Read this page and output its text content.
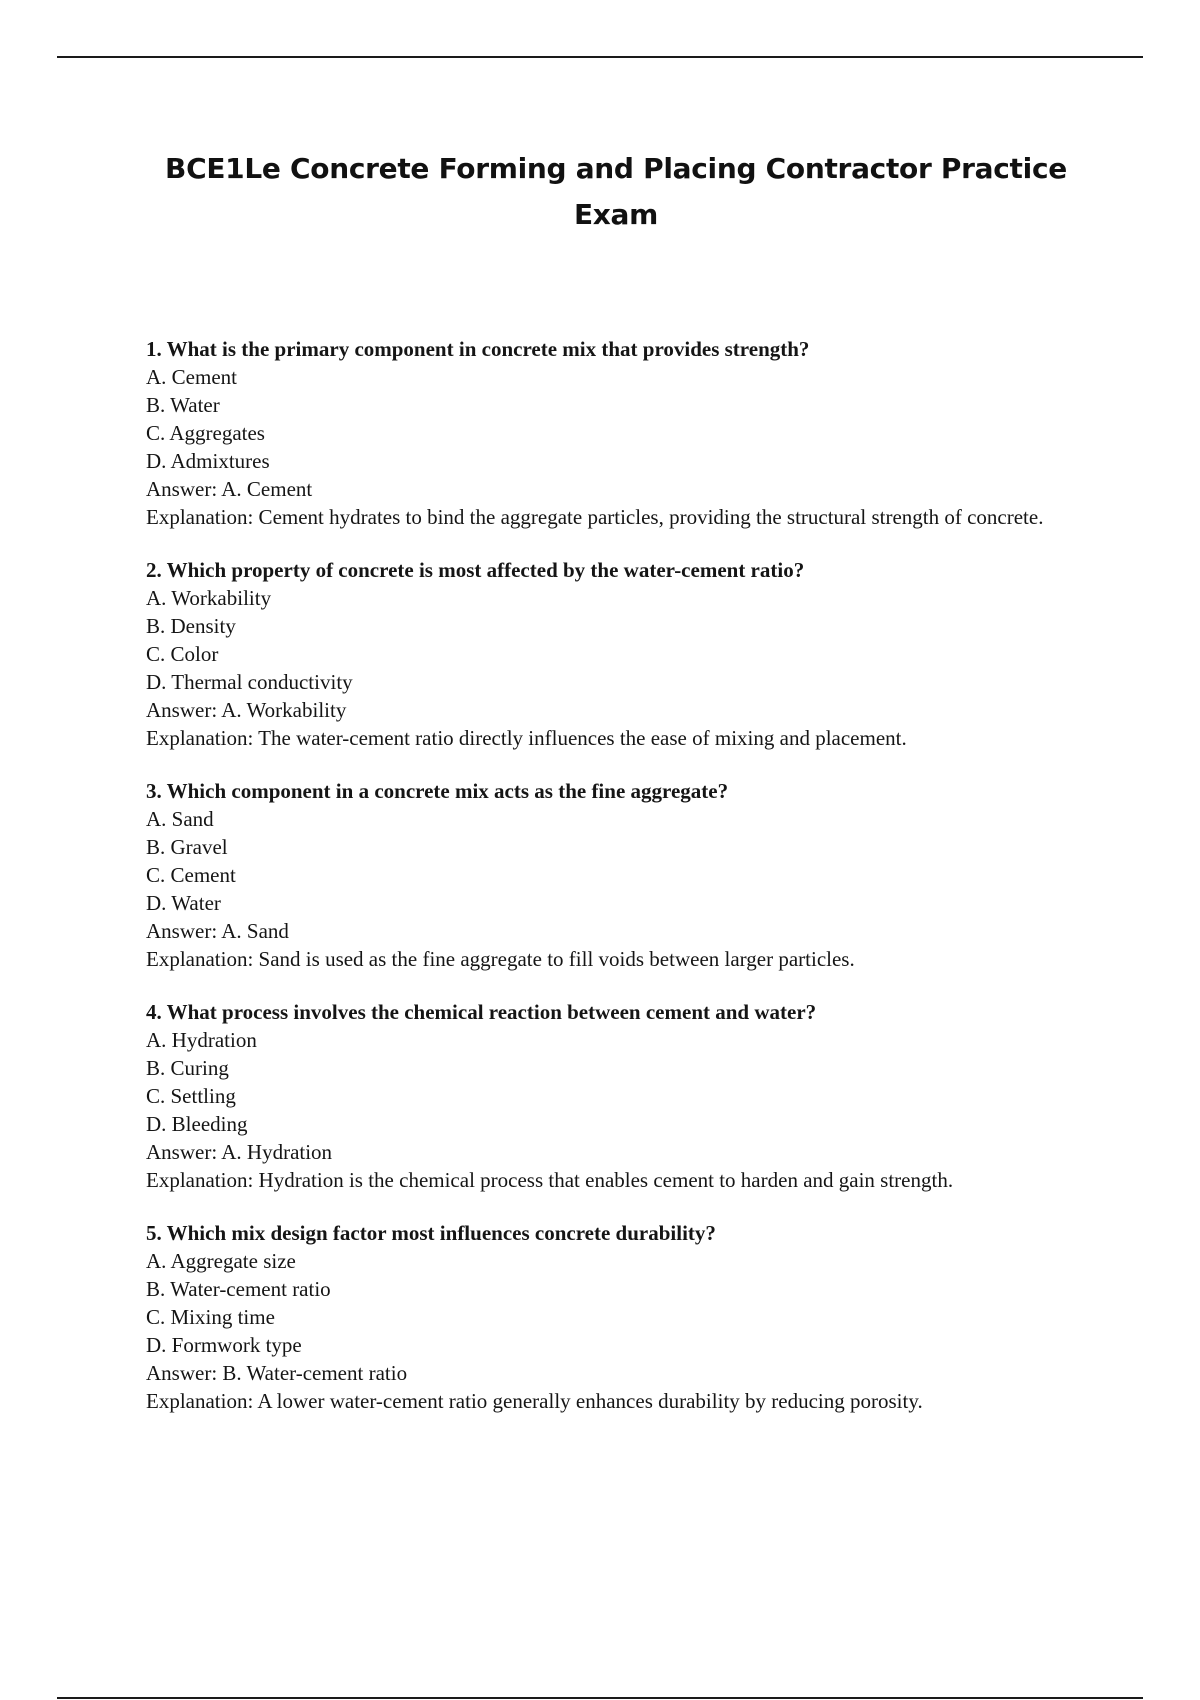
BCE1Le Concrete Forming and Placing Contractor Practice Exam

1. What is the primary component in concrete mix that provides strength?

A. Cement

B. Water

C. Aggregates

D. Admixtures

Answer: A. Cement

Explanation: Cement hydrates to bind the aggregate particles, providing the structural strength of concrete.

2. Which property of concrete is most affected by the water-cement ratio?

A. Workability

B. Density

C. Color

D. Thermal conductivity

Answer: A. Workability

Explanation: The water-cement ratio directly influences the ease of mixing and placement.

3. Which component in a concrete mix acts as the fine aggregate?

A. Sand

B. Gravel

C. Cement

D. Water

Answer: A. Sand

Explanation: Sand is used as the fine aggregate to fill voids between larger particles.

4. What process involves the chemical reaction between cement and water?

A. Hydration

B. Curing

C. Settling

D. Bleeding

Answer: A. Hydration

Explanation: Hydration is the chemical process that enables cement to harden and gain strength.

5. Which mix design factor most influences concrete durability?

A. Aggregate size

B. Water-cement ratio

C. Mixing time

D. Formwork type

Answer: B. Water-cement ratio

Explanation: A lower water-cement ratio generally enhances durability by reducing porosity.
